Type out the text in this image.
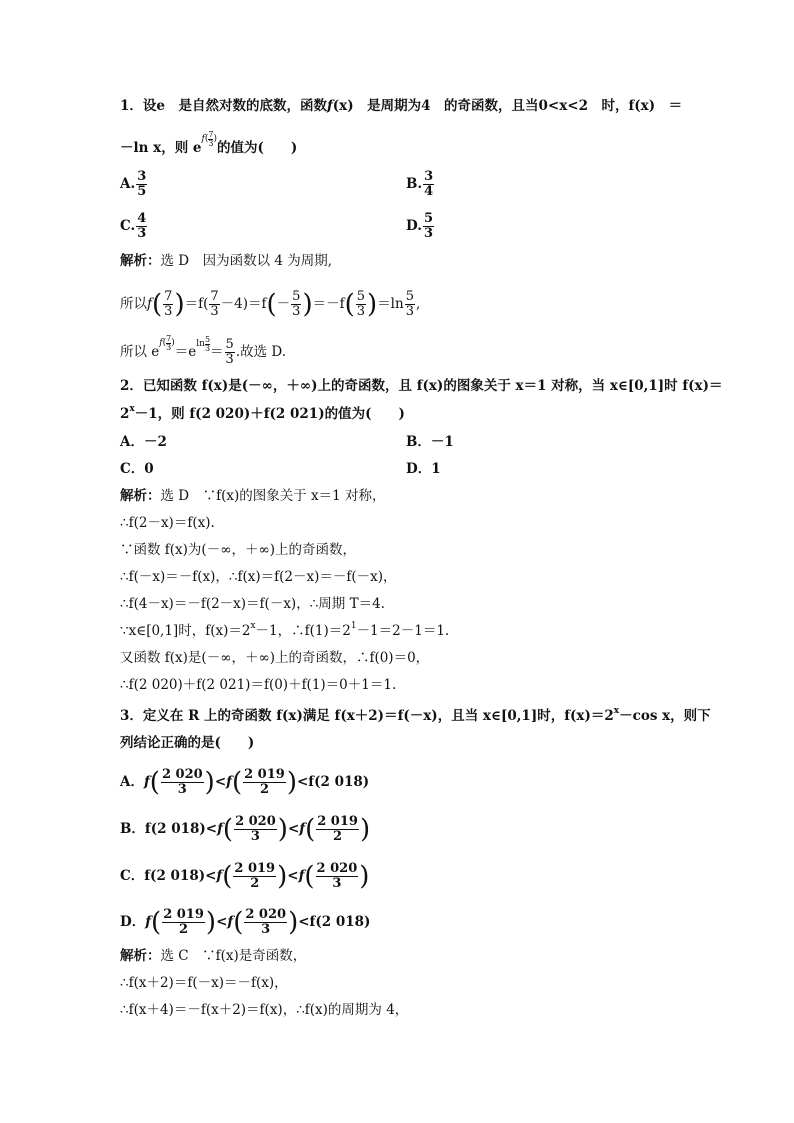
1．设e　是自然对数的底数，函数f(x)　是周期为4　的奇函数，且当0<x<2　时，f(x)　＝
－ln x，则 $e^{f( \frac{7}{3} )}$的值为(　　)
A. $\frac{3}{5}$	B. $\frac{3}{4}$
C. $\frac{4}{3}$	D. $\frac{5}{3}$
解析：选 D　因为函数以 4 为周期,
所以$f( \frac{7}{3} )=f( \frac{7}{3} -4)=f(- \frac{5}{3} )=-f( \frac{5}{3} )=\ln \frac{5}{3}$ ,
所以 $e^{f( \frac{7}{3} )}=e^{ln \frac{5}{3}} = \frac{5}{3}$ .故选 D.
2．已知函数 f(x)是(－∞，＋∞)上的奇函数，且 f(x)的图象关于 x＝1 对称，当 x∈[0,1]时 f(x)＝
$2^x-1$，则 f(2 020)＋f(2 021)的值为(　　)
A．－2	B．－1
C．0	D．1
解析：选 D　∵f(x)的图象关于 x＝1 对称，
∴f(2－x)＝f(x).
∵函数 f(x)为(－∞，＋∞)上的奇函数，
∴f(－x)＝－f(x)，∴f(x)＝f(2－x)＝－f(－x)，
∴f(4－x)＝－f(2－x)＝f(－x)，∴周期 T＝4.
∵x∈[0,1]时，$f(x)=2^x-1$，$\therefore f(1)=2^1-1=2-1=1$.
又函数 f(x)是(－∞，＋∞)上的奇函数，∴f(0)＝0，
∴f(2 020)＋f(2 021)＝f(0)＋f(1)＝0＋1＝1.
3．定义在 R 上的奇函数 f(x)满足 f(x＋2)＝f(－x)，且当 x∈[0,1]时，$f(x)=2^x-\cos$ x，则下
列结论正确的是(　　)
A．$f( \frac{2 020}{3} )<f( \frac{2 019}{2} )<f(2$ 018)
B．f(2 $018)<f( \frac{2 020}{3} )<f( \frac{2 019}{2}$ )
C．f(2 $018)<f( \frac{2 019}{2} )<f( \frac{2 020}{3}$ )
D．$f( \frac{2 019}{2} )<f( \frac{2 020}{3} )<f(2$ 018)
解析：选 C　∵f(x)是奇函数，
∴f(x＋2)＝f(－x)＝－f(x)，
∴f(x＋4)＝－f(x＋2)＝f(x)，∴f(x)的周期为 4，
